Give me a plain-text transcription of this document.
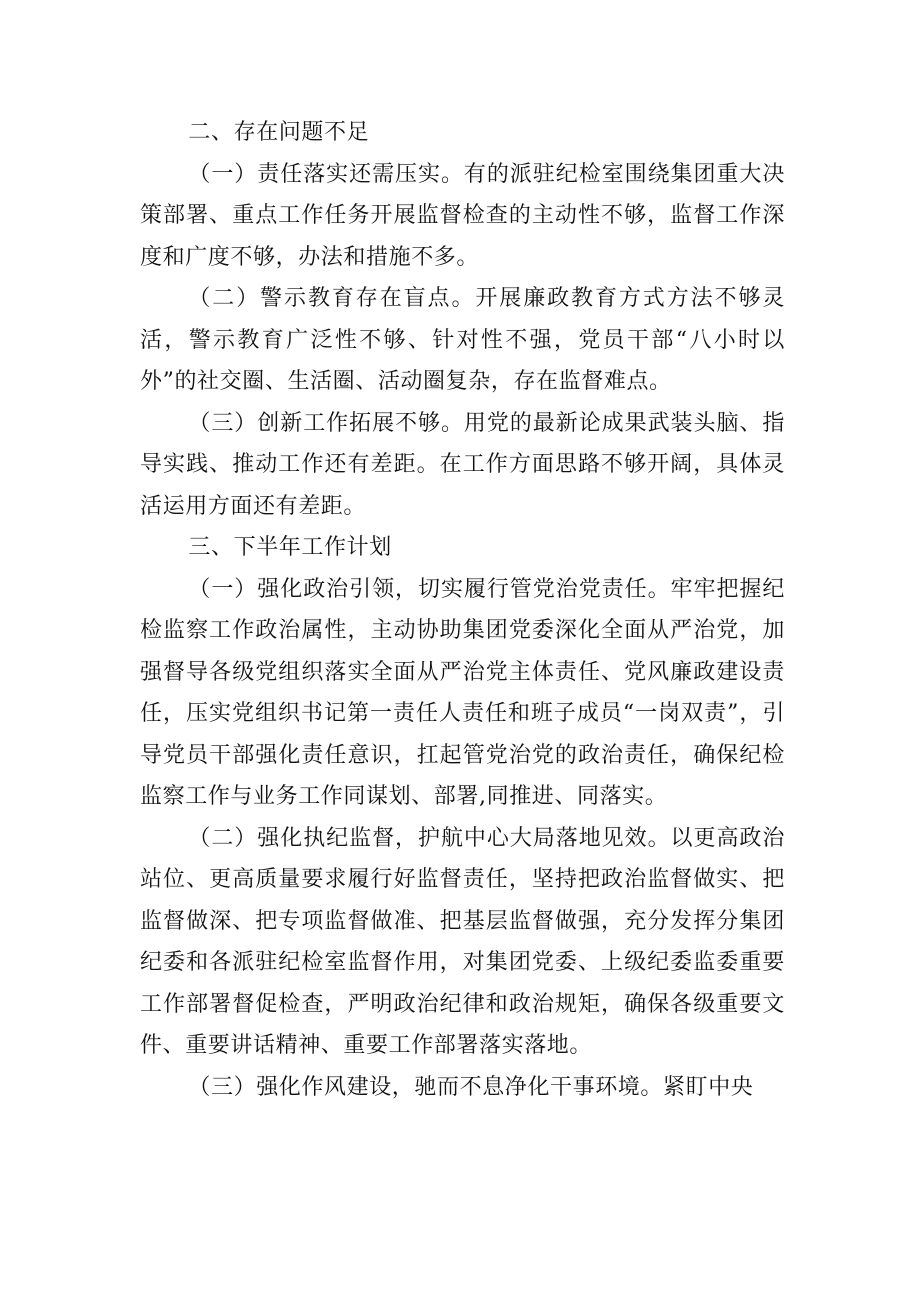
二、存在问题不足

（一）责任落实还需压实。有的派驻纪检室围绕集团重大决策部署、重点工作任务开展监督检查的主动性不够，监督工作深度和广度不够，办法和措施不多。

（二）警示教育存在盲点。开展廉政教育方式方法不够灵活，警示教育广泛性不够、针对性不强，党员干部“八小时以外”的社交圈、生活圈、活动圈复杂，存在监督难点。

（三）创新工作拓展不够。用党的最新论成果武装头脑、指导实践、推动工作还有差距。在工作方面思路不够开阔，具体灵活运用方面还有差距。

三、下半年工作计划

（一）强化政治引领，切实履行管党治党责任。牢牢把握纪检监察工作政治属性，主动协助集团党委深化全面从严治党，加强督导各级党组织落实全面从严治党主体责任、党风廉政建设责任，压实党组织书记第一责任人责任和班子成员“一岗双责”，引导党员干部强化责任意识，扛起管党治党的政治责任，确保纪检监察工作与业务工作同谋划、部署,同推进、同落实。

（二）强化执纪监督，护航中心大局落地见效。以更高政治站位、更高质量要求履行好监督责任，坚持把政治监督做实、把监督做深、把专项监督做准、把基层监督做强，充分发挥分集团纪委和各派驻纪检室监督作用，对集团党委、上级纪委监委重要工作部署督促检查，严明政治纪律和政治规矩，确保各级重要文件、重要讲话精神、重要工作部署落实落地。

（三）强化作风建设，驰而不息净化干事环境。紧盯中央
